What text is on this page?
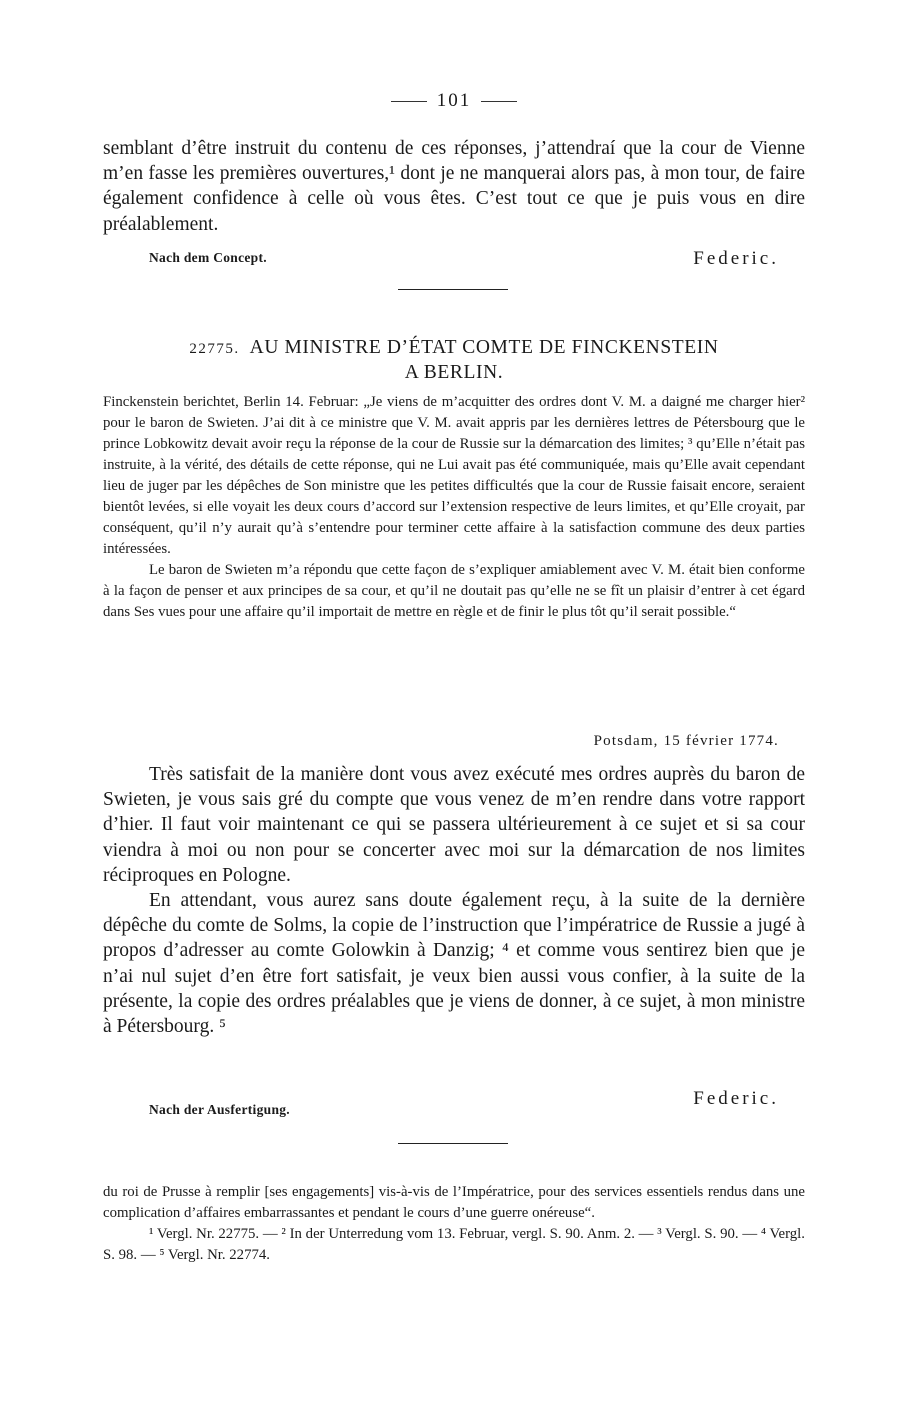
101

semblant d’être instruit du contenu de ces réponses, j’attendraí que la cour de Vienne m’en fasse les premières ouvertures,¹ dont je ne manquerai alors pas, à mon tour, de faire également confidence à celle où vous êtes. C’est tout ce que je puis vous en dire préalablement.

Nach dem Concept.	Federic.
22775. AU MINISTRE D’ÉTAT COMTE DE FINCKENSTEIN
A BERLIN.

Finckenstein berichtet, Berlin 14. Februar: „Je viens de m’acquitter des ordres dont V. M. a daigné me charger hier² pour le baron de Swieten. J’ai dit à ce ministre que V. M. avait appris par les dernières lettres de Pétersbourg que le prince Lobkowitz devait avoir reçu la réponse de la cour de Russie sur la démarcation des limites; ³ qu’Elle n’était pas instruite, à la vérité, des détails de cette réponse, qui ne Lui avait pas été communiquée, mais qu’Elle avait cependant lieu de juger par les dépêches de Son ministre que les petites difficultés que la cour de Russie faisait encore, seraient bientôt levées, si elle voyait les deux cours d’accord sur l’extension respective de leurs limites, et qu’Elle croyait, par conséquent, qu’il n’y aurait qu’à s’entendre pour terminer cette affaire à la satisfaction commune des deux parties intéressées.

Le baron de Swieten m’a répondu que cette façon de s’expliquer amiablement avec V. M. était bien conforme à la façon de penser et aux principes de sa cour, et qu’il ne doutait pas qu’elle ne se fît un plaisir d’entrer à cet égard dans Ses vues pour une affaire qu’il importait de mettre en règle et de finir le plus tôt qu’il serait possible.“

Potsdam, 15 février 1774.

Très satisfait de la manière dont vous avez exécuté mes ordres auprès du baron de Swieten, je vous sais gré du compte que vous venez de m’en rendre dans votre rapport d’hier. Il faut voir maintenant ce qui se passera ultérieurement à ce sujet et si sa cour viendra à moi ou non pour se concerter avec moi sur la démarcation de nos limites réciproques en Pologne.

En attendant, vous aurez sans doute également reçu, à la suite de la dernière dépêche du comte de Solms, la copie de l’instruction que l’impératrice de Russie a jugé à propos d’adresser au comte Golowkin à Danzig; ⁴ et comme vous sentirez bien que je n’ai nul sujet d’en être fort satisfait, je veux bien aussi vous confier, à la suite de la présente, la copie des ordres préalables que je viens de donner, à ce sujet, à mon ministre à Pétersbourg. ⁵

Federic.
Nach der Ausfertigung.

du roi de Prusse à remplir [ses engagements] vis-à-vis de l’Impératrice, pour des services essentiels rendus dans une complication d’affaires embarrassantes et pendant le cours d’une guerre onéreuse“.

¹ Vergl. Nr. 22775. — ² In der Unterredung vom 13. Februar, vergl. S. 90. Anm. 2. — ³ Vergl. S. 90. — ⁴ Vergl. S. 98. — ⁵ Vergl. Nr. 22774.
